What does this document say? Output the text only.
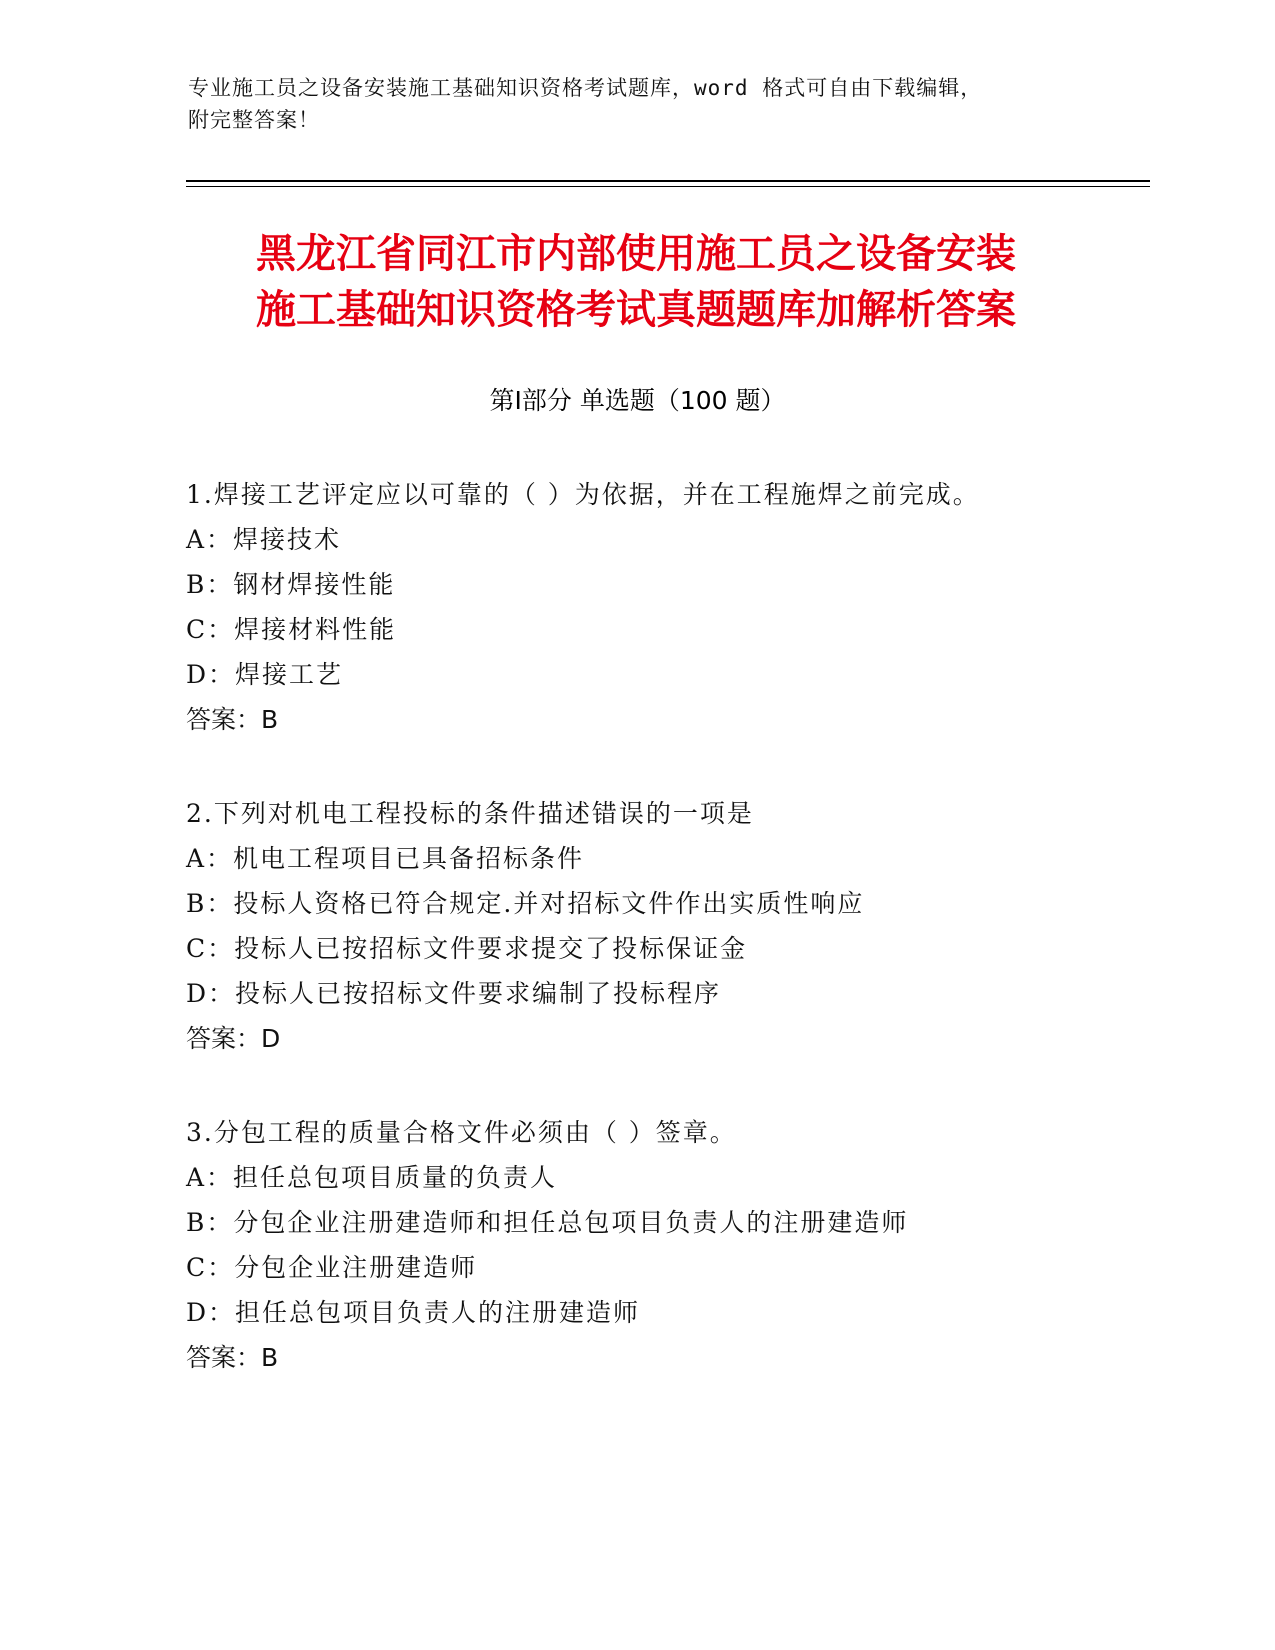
专业施工员之设备安装施工基础知识资格考试题库，word 格式可自由下载编辑，
附完整答案！
黑龙江省同江市内部使用施工员之设备安装
施工基础知识资格考试真题题库加解析答案
第Ⅰ部分 单选题（100 题）
1.焊接工艺评定应以可靠的（ ）为依据，并在工程施焊之前完成。
A：焊接技术
B：钢材焊接性能
C：焊接材料性能
D：焊接工艺
答案：B
2.下列对机电工程投标的条件描述错误的一项是
A：机电工程项目已具备招标条件
B：投标人资格已符合规定.并对招标文件作出实质性响应
C：投标人已按招标文件要求提交了投标保证金
D：投标人已按招标文件要求编制了投标程序
答案：D
3.分包工程的质量合格文件必须由（ ）签章。
A：担任总包项目质量的负责人
B：分包企业注册建造师和担任总包项目负责人的注册建造师
C：分包企业注册建造师
D：担任总包项目负责人的注册建造师
答案：B
